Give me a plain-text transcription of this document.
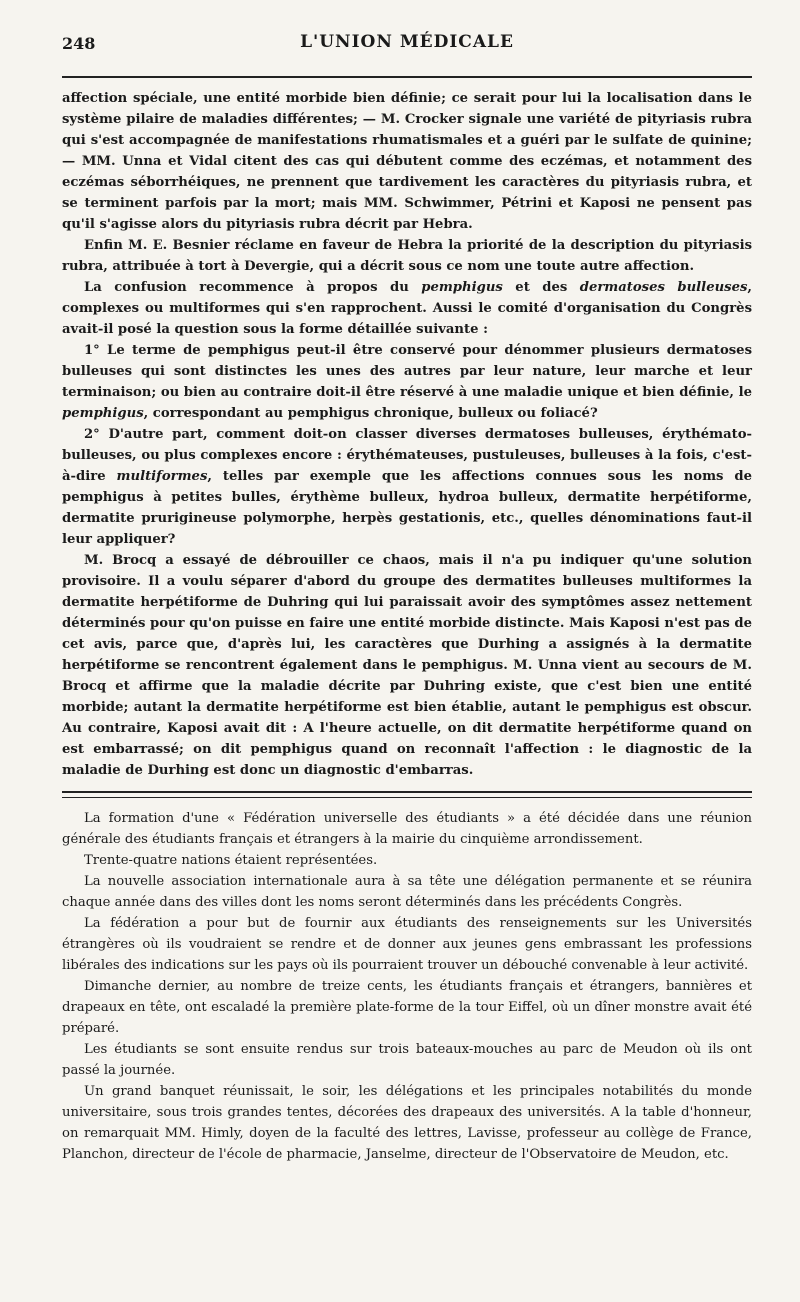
248	L'UNION MÉDICALE

affection spéciale, une entité morbide bien définie; ce serait pour lui la localisation dans le système pilaire de maladies différentes; — M. Crocker signale une variété de pityriasis rubra qui s'est accompagnée de manifestations rhumatismales et a guéri par le sulfate de quinine; — MM. Unna et Vidal citent des cas qui débutent comme des eczémas, et notamment des eczémas séborrhéiques, ne prennent que tardivement les caractères du pityriasis rubra, et se terminent parfois par la mort; mais MM. Schwimmer, Pétrini et Kaposi ne pensent pas qu'il s'agisse alors du pityriasis rubra décrit par Hebra.

Enfin M. E. Besnier réclame en faveur de Hebra la priorité de la description du pityriasis rubra, attribuée à tort à Devergie, qui a décrit sous ce nom une toute autre affection.

La confusion recommence à propos du pemphigus et des dermatoses bulleuses, complexes ou multiformes qui s'en rapprochent. Aussi le comité d'organisation du Congrès avait-il posé la question sous la forme détaillée suivante :

1° Le terme de pemphigus peut-il être conservé pour dénommer plusieurs dermatoses bulleuses qui sont distinctes les unes des autres par leur nature, leur marche et leur terminaison; ou bien au contraire doit-il être réservé à une maladie unique et bien définie, le pemphigus, correspondant au pemphigus chronique, bulleux ou foliacé?

2° D'autre part, comment doit-on classer diverses dermatoses bulleuses, érythémato-bulleuses, ou plus complexes encore : érythémateuses, pustuleuses, bulleuses à la fois, c'est-à-dire multiformes, telles par exemple que les affections connues sous les noms de pemphigus à petites bulles, érythème bulleux, hydroa bulleux, dermatite herpétiforme, dermatite prurigineuse polymorphe, herpès gestationis, etc., quelles dénominations faut-il leur appliquer?

M. Brocq a essayé de débrouiller ce chaos, mais il n'a pu indiquer qu'une solution provisoire. Il a voulu séparer d'abord du groupe des dermatites bulleuses multiformes la dermatite herpétiforme de Duhring qui lui paraissait avoir des symptômes assez nettement déterminés pour qu'on puisse en faire une entité morbide distincte. Mais Kaposi n'est pas de cet avis, parce que, d'après lui, les caractères que Durhing a assignés à la dermatite herpétiforme se rencontrent également dans le pemphigus. M. Unna vient au secours de M. Brocq et affirme que la maladie décrite par Duhring existe, que c'est bien une entité morbide; autant la dermatite herpétiforme est bien établie, autant le pemphigus est obscur. Au contraire, Kaposi avait dit : A l'heure actuelle, on dit dermatite herpétiforme quand on est embarrassé; on dit pemphigus quand on reconnaît l'affection : le diagnostic de la maladie de Durhing est donc un diagnostic d'embarras.

La formation d'une « Fédération universelle des étudiants » a été décidée dans une réunion générale des étudiants français et étrangers à la mairie du cinquième arrondissement.

Trente-quatre nations étaient représentées.

La nouvelle association internationale aura à sa tête une délégation permanente et se réunira chaque année dans des villes dont les noms seront déterminés dans les précédents Congrès.

La fédération a pour but de fournir aux étudiants des renseignements sur les Universités étrangères où ils voudraient se rendre et de donner aux jeunes gens embrassant les professions libérales des indications sur les pays où ils pourraient trouver un débouché convenable à leur activité.

Dimanche dernier, au nombre de treize cents, les étudiants français et étrangers, bannières et drapeaux en tête, ont escaladé la première plate-forme de la tour Eiffel, où un dîner monstre avait été préparé.

Les étudiants se sont ensuite rendus sur trois bateaux-mouches au parc de Meudon où ils ont passé la journée.

Un grand banquet réunissait, le soir, les délégations et les principales notabilités du monde universitaire, sous trois grandes tentes, décorées des drapeaux des universités. A la table d'honneur, on remarquait MM. Himly, doyen de la faculté des lettres, Lavisse, professeur au collège de France, Planchon, directeur de l'école de pharmacie, Janselme, directeur de l'Observatoire de Meudon, etc.
